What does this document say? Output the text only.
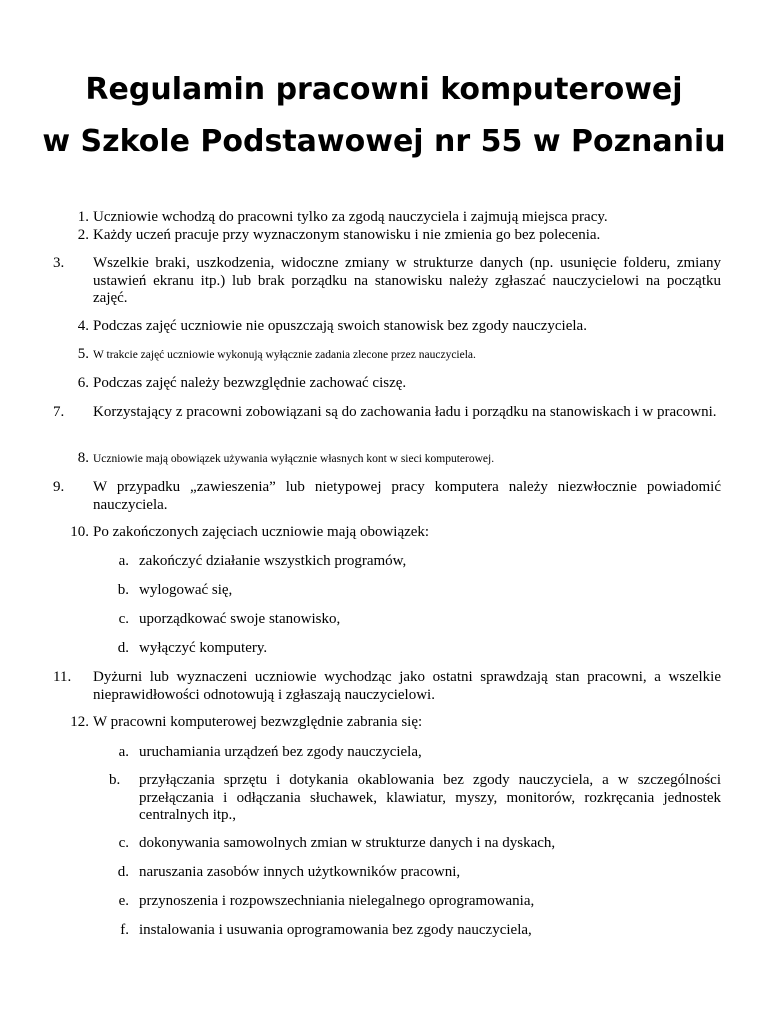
Regulamin pracowni komputerowej
w Szkole Podstawowej nr 55 w Poznaniu
1. Uczniowie wchodzą do pracowni tylko za zgodą nauczyciela i zajmują miejsca pracy.
2. Każdy uczeń pracuje przy wyznaczonym stanowisku i nie zmienia go bez polecenia.
3.	Wszelkie braki, uszkodzenia, widoczne zmiany w strukturze danych (np. usunięcie folderu, zmiany ustawień ekranu itp.) lub brak porządku na stanowisku należy zgłaszać nauczycielowi na początku zajęć.
4. Podczas zajęć uczniowie nie opuszczają swoich stanowisk bez zgody nauczyciela.
5. W trakcie zajęć uczniowie wykonują wyłącznie zadania zlecone przez nauczyciela.
6. Podczas zajęć należy bezwzględnie zachować ciszę.
7.	Korzystający z pracowni zobowiązani są do zachowania ładu i porządku na stanowiskach i w pracowni.
8. Uczniowie mają obowiązek używania wyłącznie własnych kont w sieci komputerowej.
9.	W przypadku „zawieszenia” lub nietypowej pracy komputera należy niezwłocznie powiadomić nauczyciela.
10. Po zakończonych zajęciach uczniowie mają obowiązek:
a. zakończyć działanie wszystkich programów,
b. wylogować się,
c. uporządkować swoje stanowisko,
d. wyłączyć komputery.
11.	Dyżurni lub wyznaczeni uczniowie wychodząc jako ostatni sprawdzają stan pracowni, a wszelkie nieprawidłowości odnotowują i zgłaszają nauczycielowi.
12. W pracowni komputerowej bezwzględnie zabrania się:
a. uruchamiania urządzeń bez zgody nauczyciela,
b.	przyłączania sprzętu i dotykania okablowania bez zgody nauczyciela, a w szczególności przełączania i odłączania słuchawek, klawiatur, myszy, monitorów, rozkręcania jednostek centralnych itp.,
c. dokonywania samowolnych zmian w strukturze danych i na dyskach,
d. naruszania zasobów innych użytkowników pracowni,
e. przynoszenia i rozpowszechniania nielegalnego oprogramowania,
f. instalowania i usuwania oprogramowania bez zgody nauczyciela,
